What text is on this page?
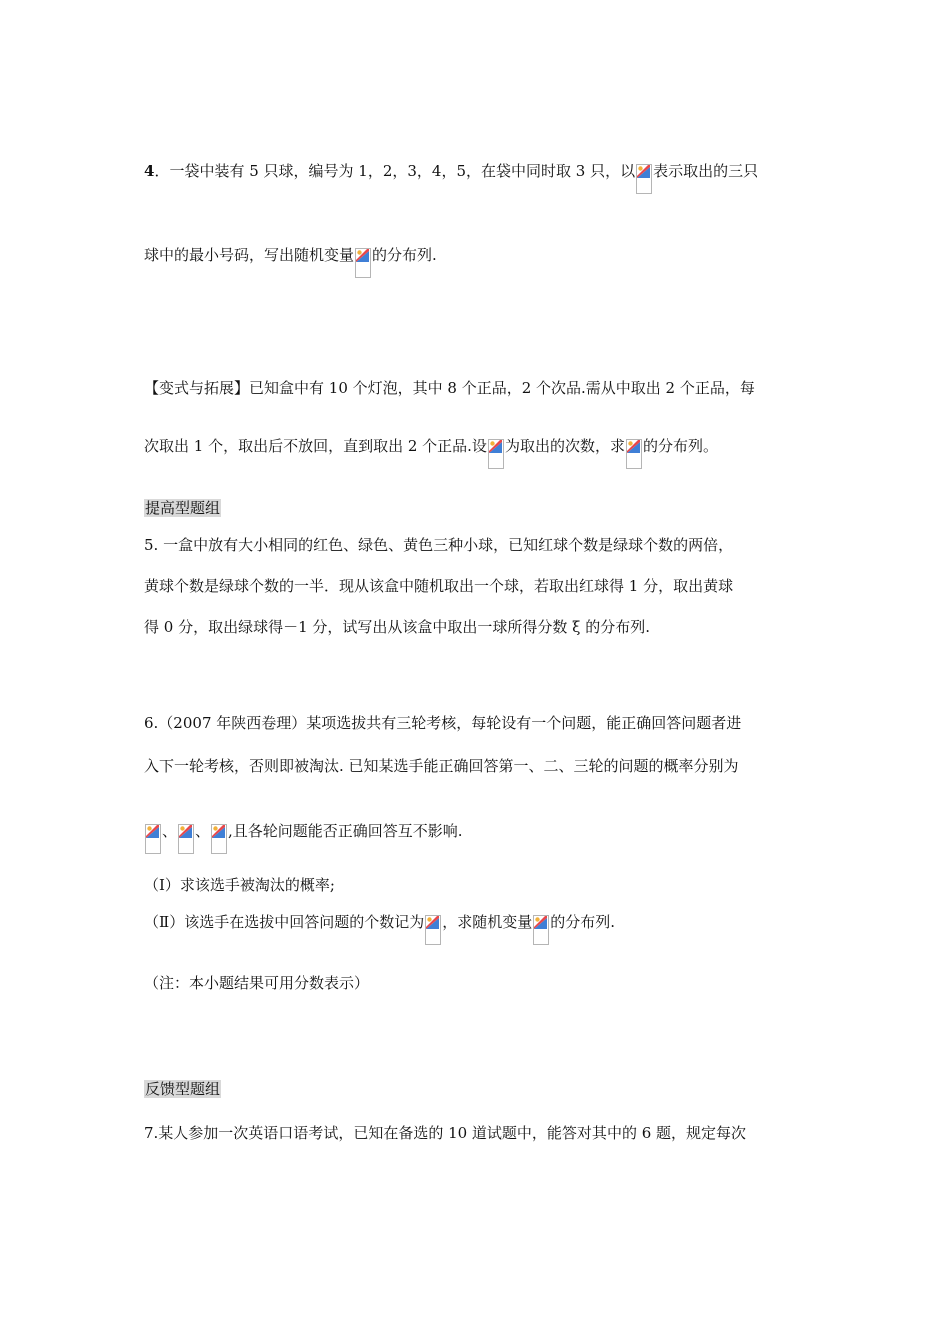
4．一袋中装有 5 只球，编号为 1，2，3，4，5，在袋中同时取 3 只，以 表示取出的三只
球中的最小号码，写出随机变量 的分布列.
【变式与拓展】已知盒中有 10 个灯泡，其中 8 个正品，2 个次品.需从中取出 2 个正品，每
次取出 1 个，取出后不放回，直到取出 2 个正品.设 为取出的次数，求 的分布列。
提高型题组
5. 一盒中放有大小相同的红色、绿色、黄色三种小球，已知红球个数是绿球个数的两倍，
黄球个数是绿球个数的一半．现从该盒中随机取出一个球，若取出红球得 1 分，取出黄球
得 0 分，取出绿球得－1 分，试写出从该盒中取出一球所得分数 ξ 的分布列.
6.（2007 年陕西卷理）某项选拔共有三轮考核，每轮设有一个问题，能正确回答问题者进
入下一轮考核，否则即被淘汰. 已知某选手能正确回答第一、二、三轮的问题的概率分别为
、 、 ,且各轮问题能否正确回答互不影响.
（Ⅰ）求该选手被淘汰的概率;
（Ⅱ）该选手在选拔中回答问题的个数记为 ，求随机变量 的分布列.
（注：本小题结果可用分数表示）
反馈型题组
7.某人参加一次英语口语考试，已知在备选的 10 道试题中，能答对其中的 6 题，规定每次
